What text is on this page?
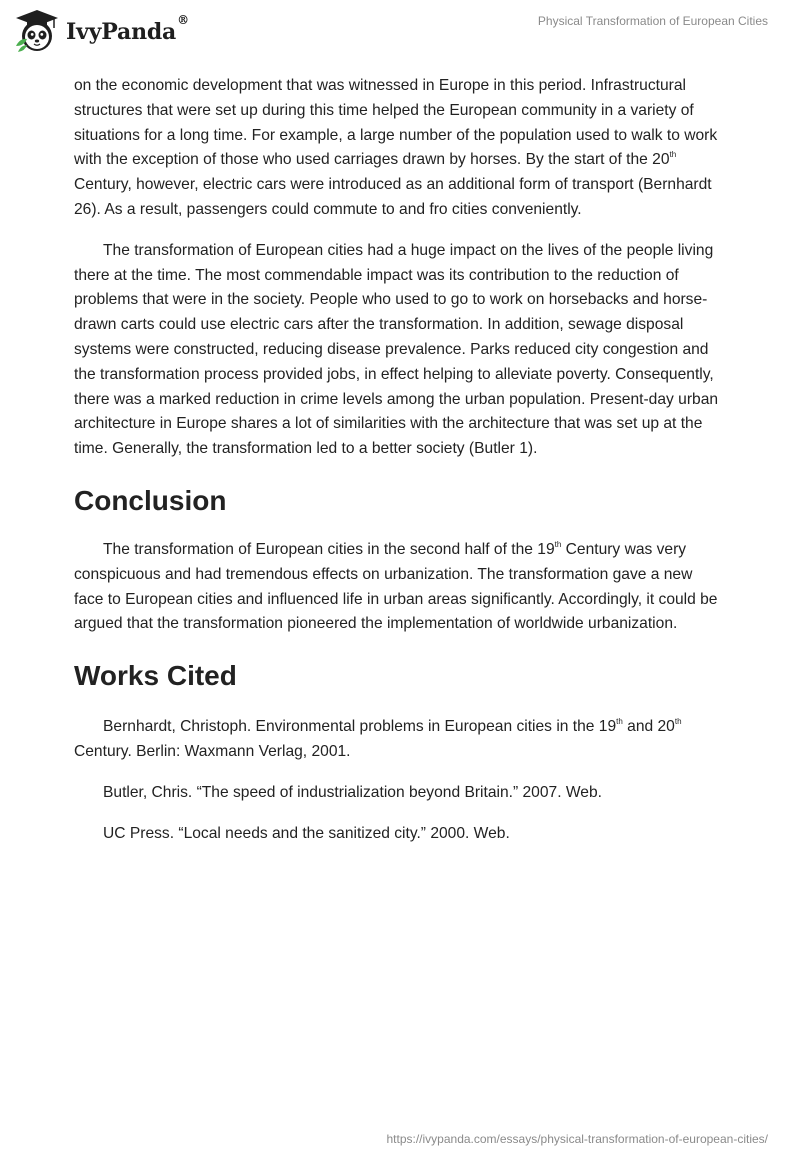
IvyPanda®	Physical Transformation of European Cities

on the economic development that was witnessed in Europe in this period. Infrastructural structures that were set up during this time helped the European community in a variety of situations for a long time. For example, a large number of the population used to walk to work with the exception of those who used carriages drawn by horses. By the start of the 20th Century, however, electric cars were introduced as an additional form of transport (Bernhardt 26). As a result, passengers could commute to and fro cities conveniently.

The transformation of European cities had a huge impact on the lives of the people living there at the time. The most commendable impact was its contribution to the reduction of problems that were in the society. People who used to go to work on horsebacks and horse-drawn carts could use electric cars after the transformation. In addition, sewage disposal systems were constructed, reducing disease prevalence. Parks reduced city congestion and the transformation process provided jobs, in effect helping to alleviate poverty. Consequently, there was a marked reduction in crime levels among the urban population. Present-day urban architecture in Europe shares a lot of similarities with the architecture that was set up at the time. Generally, the transformation led to a better society (Butler 1).

Conclusion

The transformation of European cities in the second half of the 19th Century was very conspicuous and had tremendous effects on urbanization. The transformation gave a new face to European cities and influenced life in urban areas significantly. Accordingly, it could be argued that the transformation pioneered the implementation of worldwide urbanization.

Works Cited

Bernhardt, Christoph. Environmental problems in European cities in the 19th and 20th Century. Berlin: Waxmann Verlag, 2001.

Butler, Chris. “The speed of industrialization beyond Britain.” 2007. Web.

UC Press. “Local needs and the sanitized city.” 2000. Web.

https://ivypanda.com/essays/physical-transformation-of-european-cities/
